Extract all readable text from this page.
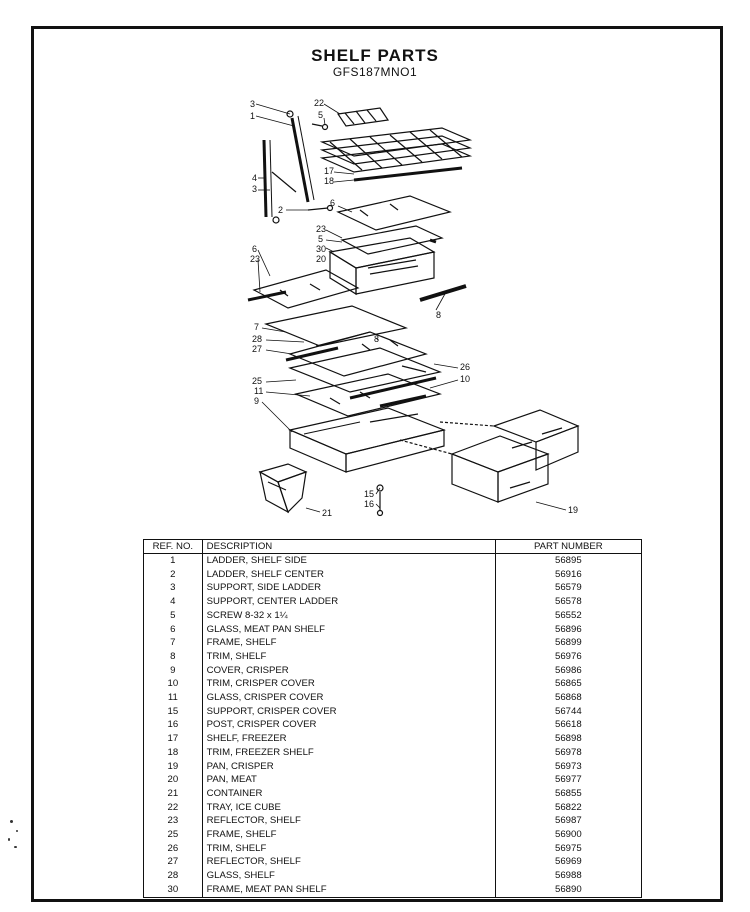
SHELF PARTS
GFS187MNO1
3
1
22
5
17
18
4
3
6
2
23
5
30
20
6
23
8
7
28
27
8
25
26
10
11
9
15
16
21	19
REF. NO.	DESCRIPTION	PART NUMBER
1	LADDER, SHELF SIDE	56895
2	LADDER, SHELF CENTER	56916
3	SUPPORT, SIDE LADDER	56579
4	SUPPORT, CENTER LADDER	56578
5	SCREW 8-32 x 1¼	56552
6	GLASS, MEAT PAN SHELF	56896
7	FRAME, SHELF	56899
8	TRIM, SHELF	56976
9	COVER, CRISPER	56986
10	TRIM, CRISPER COVER	56865
11	GLASS, CRISPER COVER	56868
15	SUPPORT, CRISPER COVER	56744
16	POST, CRISPER COVER	56618
17	SHELF, FREEZER	56898
18	TRIM, FREEZER SHELF	56978
19	PAN, CRISPER	56973
20	PAN, MEAT	56977
21	CONTAINER	56855
22	TRAY, ICE CUBE	56822
23	REFLECTOR, SHELF	56987
25	FRAME, SHELF	56900
26	TRIM, SHELF	56975
27	REFLECTOR, SHELF	56969
28	GLASS, SHELF	56988
30	FRAME, MEAT PAN SHELF	56890
